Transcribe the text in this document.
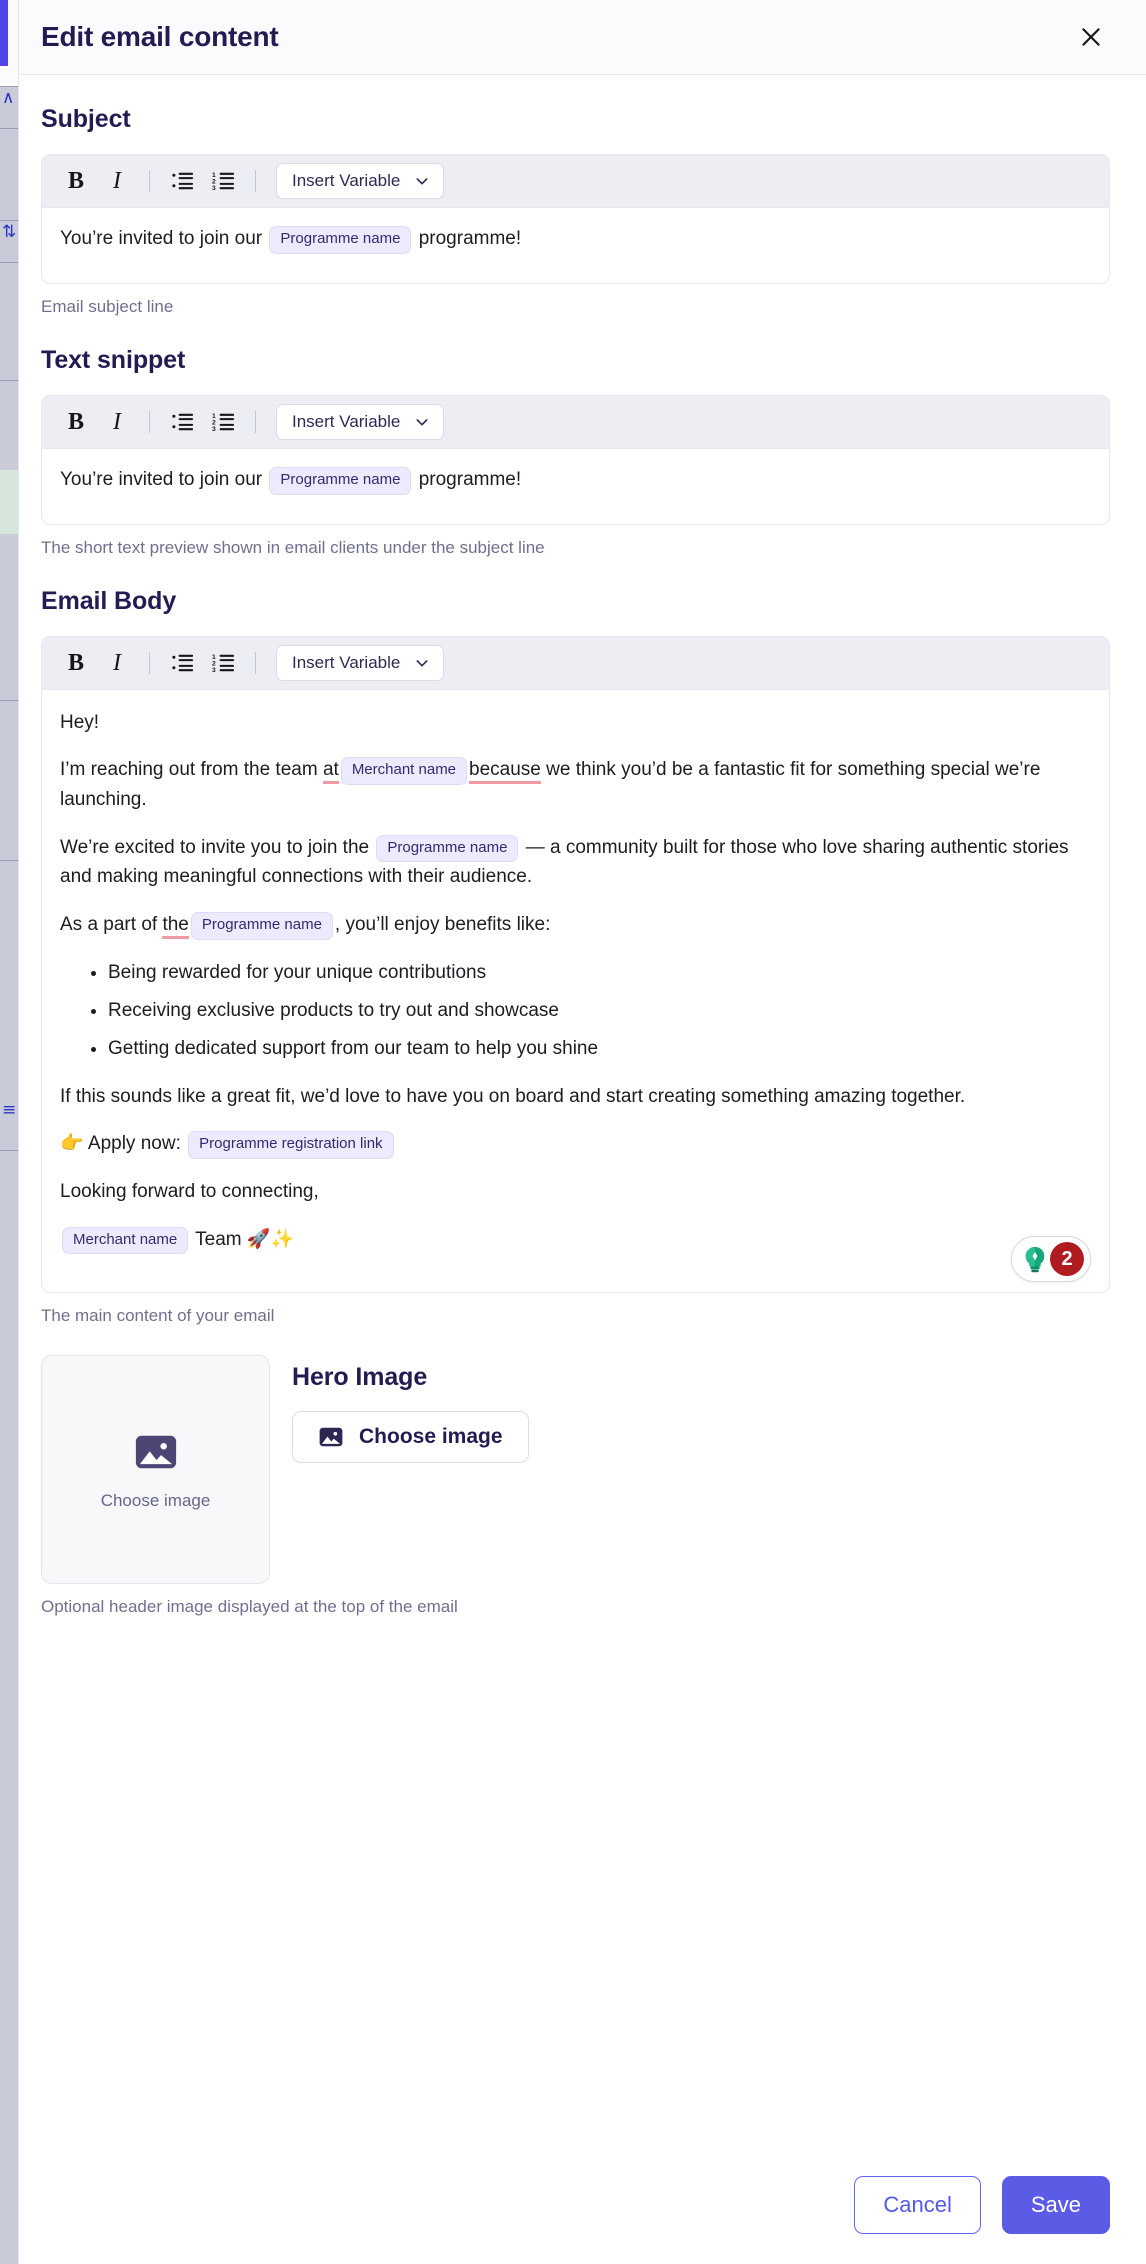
∧
⇅
≡
Edit email content
Subject
B	I	1
2
3	Insert Variable

You’re invited to join our Programme name programme!

Email subject line
Text snippet
B	I	1
2
3	Insert Variable

You’re invited to join our Programme name programme!

The short text preview shown in email clients under the subject line
Email Body
B	I	1
2
3	Insert Variable

Hey!

I’m reaching out from the team at Merchant name because we think you’d be a fantastic fit for something special we’re launching.

We’re excited to invite you to join the Programme name — a community built for those who love sharing authentic stories and making meaningful connections with their audience.

As a part of the Programme name , you’ll enjoy benefits like:

• Being rewarded for your unique contributions
• Receiving exclusive products to try out and showcase
• Getting dedicated support from our team to help you shine

If this sounds like a great fit, we’d love to have you on board and start creating something amazing together.

👉 Apply now: Programme registration link

Looking forward to connecting,

Merchant name Team 🚀✨

2
The main content of your email
Choose image
Hero Image
Choose image
Optional header image displayed at the top of the email
Cancel	Save
